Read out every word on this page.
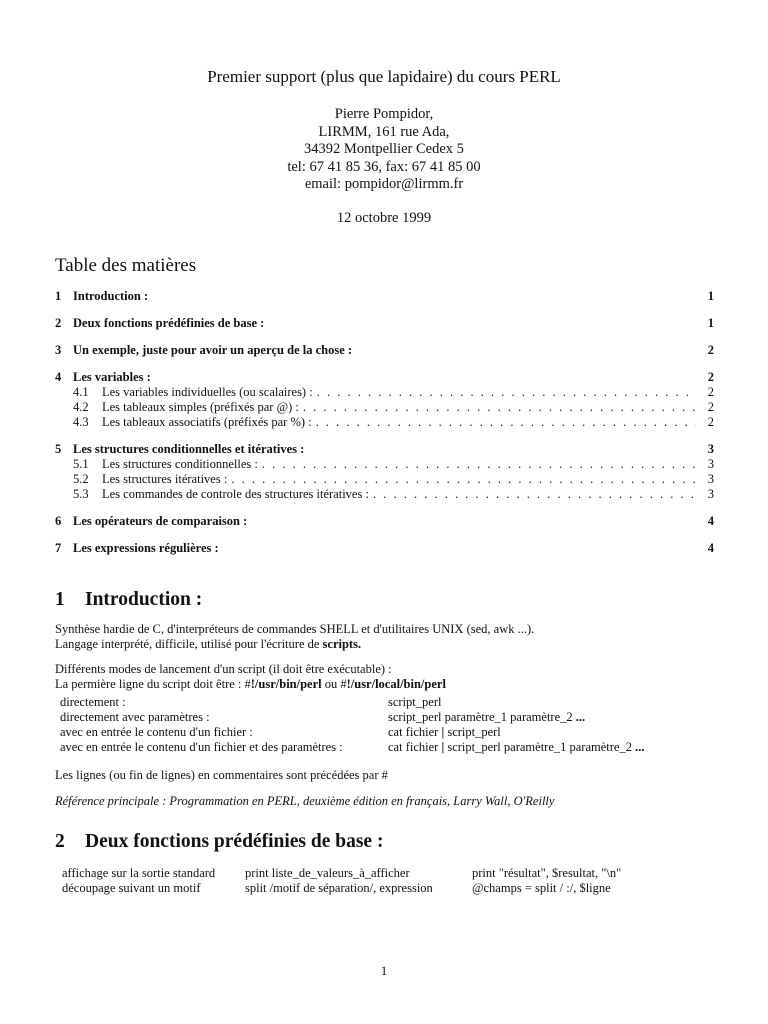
Premier support (plus que lapidaire) du cours PERL
Pierre Pompidor,
LIRMM, 161 rue Ada,
34392 Montpellier Cedex 5
tel: 67 41 85 36, fax: 67 41 85 00
email: pompidor@lirmm.fr
12 octobre 1999
Table des matières
1 Introduction :	1
2 Deux fonctions prédéfinies de base :	1
3 Un exemple, juste pour avoir un aperçu de la chose :	2
4 Les variables :	2
4.1	Les variables individuelles (ou scalaires) : . . .	2
4.2	Les tableaux simples (préfixés par @) : . . .	2
4.3	Les tableaux associatifs (préfixés par %) : . . .	2
5 Les structures conditionnelles et itératives :	3
5.1	Les structures conditionnelles : . . .	3
5.2	Les structures itératives : . . .	3
5.3	Les commandes de controle des structures itératives : . . .	3
6 Les opérateurs de comparaison :	4
7 Les expressions régulières :	4
1 Introduction :
Synthèse hardie de C, d'interpréteurs de commandes SHELL et d'utilitaires UNIX (sed, awk ...).
Langage interprété, difficile, utilisé pour l'écriture de scripts.
Différents modes de lancement d'un script (il doit être exécutable) :
La permière ligne du script doit être : #!/usr/bin/perl ou #!/usr/local/bin/perl
directement :	script_perl
directement avec paramètres :	script_perl paramètre_1 paramètre_2 ...
avec en entrée le contenu d'un fichier :	cat fichier | script_perl
avec en entrée le contenu d'un fichier et des paramètres :	cat fichier | script_perl paramètre_1 paramètre_2 ...
Les lignes (ou fin de lignes) en commentaires sont précédées par #
Référence principale : Programmation en PERL, deuxième édition en français, Larry Wall, O'Reilly
2 Deux fonctions prédéfinies de base :
affichage sur la sortie standard	print liste_de_valeurs_à_afficher	print "résultat", $resultat, "\n"
découpage suivant un motif	split /motif de séparation/, expression	@champs = split / :/, $ligne
1
